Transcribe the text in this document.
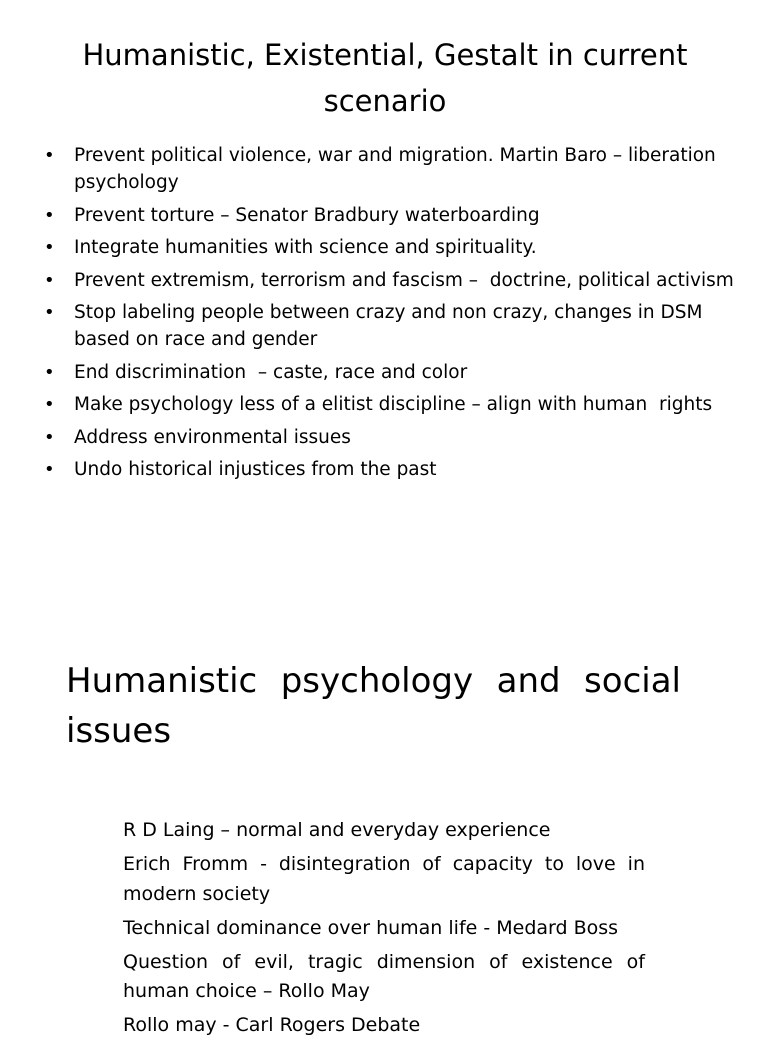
Humanistic, Existential, Gestalt in current scenario
• Prevent political violence, war and migration. Martin Baro – liberation psychology
• Prevent torture – Senator Bradbury waterboarding
• Integrate humanities with science and spirituality.
• Prevent extremism, terrorism and fascism –  doctrine, political activism
• Stop labeling people between crazy and non crazy, changes in DSM based on race and gender
• End discrimination  – caste, race and color
• Make psychology less of a elitist discipline – align with human  rights
• Address environmental issues
• Undo historical injustices from the past
Humanistic psychology and social issues
R D Laing – normal and everyday experience
Erich Fromm - disintegration of capacity to love in modern society
Technical dominance over human life - Medard Boss
Question of evil, tragic dimension of existence of human choice – Rollo May
Rollo may - Carl Rogers Debate
